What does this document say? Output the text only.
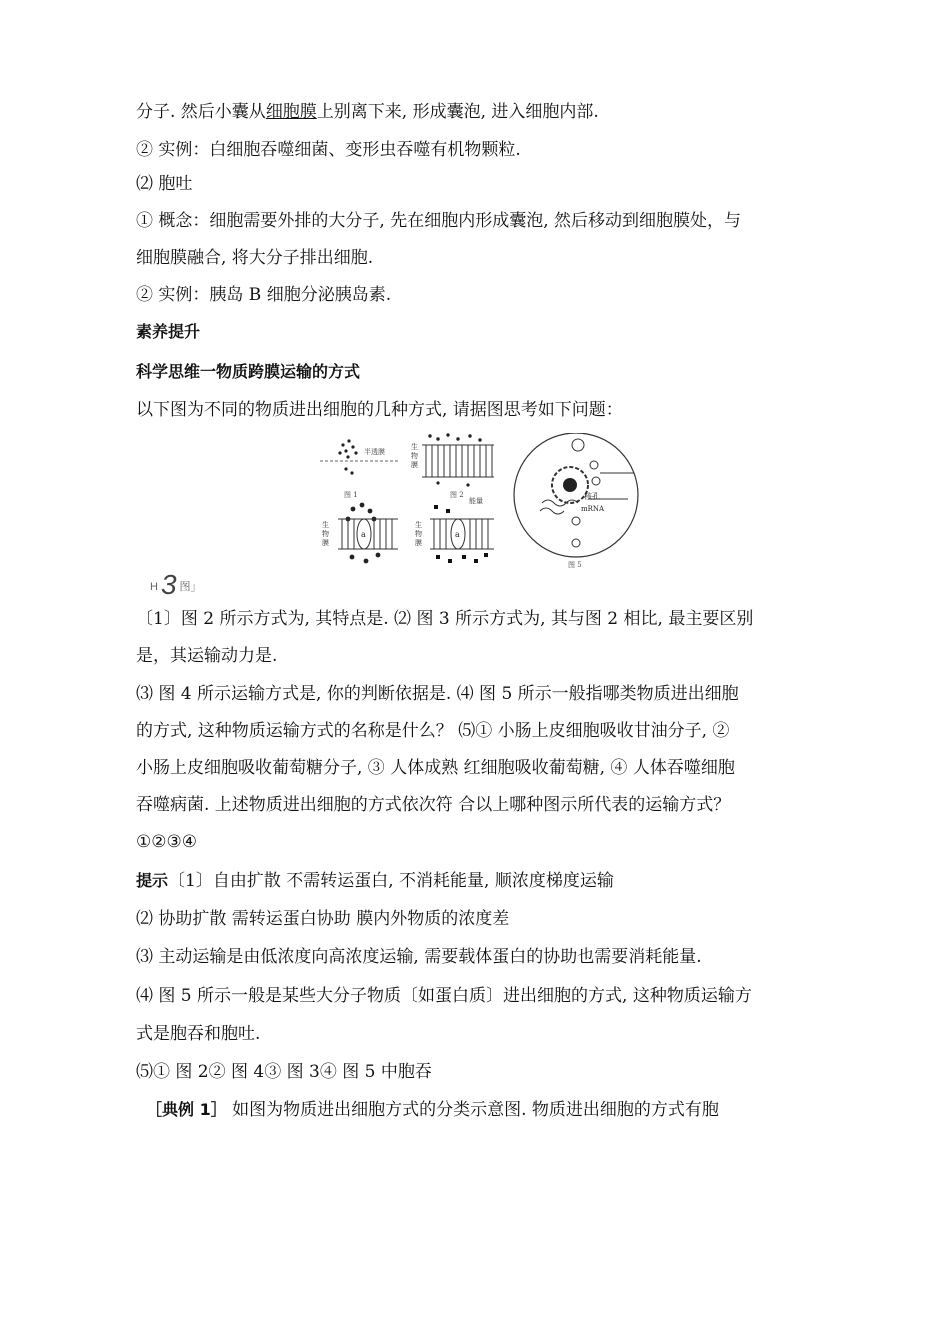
分子. 然后小囊从细胞膜上别离下来, 形成囊泡, 进入细胞内部.
② 实例：白细胞吞噬细菌、变形虫吞噬有机物颗粒.
⑵ 胞吐
① 概念：细胞需要外排的大分子, 先在细胞内形成囊泡, 然后移动到细胞膜处，与
细胞膜融合, 将大分子排出细胞.
② 实例：胰岛 B 细胞分泌胰岛素.
素养提升
科学思维一物质跨膜运输的方式
以下图为不同的物质进出细胞的几种方式, 请据图思考如下问题：
半透膜
图 1
生
物
膜
图 2
a
生
物
膜
a
能量
生
物
膜
核孔
mRNA
图 5
H 3 图」
〔1〕图 2 所示方式为, 其特点是. ⑵ 图 3 所示方式为, 其与图 2 相比, 最主要区别
是，其运输动力是.
⑶ 图 4 所示运输方式是, 你的判断依据是. ⑷ 图 5 所示一般指哪类物质进出细胞
的方式, 这种物质运输方式的名称是什么？ ⑸① 小肠上皮细胞吸收甘油分子, ②
小肠上皮细胞吸收葡萄糖分子, ③ 人体成熟 红细胞吸收葡萄糖, ④ 人体吞噬细胞
吞噬病菌. 上述物质进出细胞的方式依次符 合以上哪种图示所代表的运输方式？
①②③④
提示〔1〕自由扩散 不需转运蛋白, 不消耗能量, 顺浓度梯度运输
⑵ 协助扩散 需转运蛋白协助 膜内外物质的浓度差
⑶ 主动运输是由低浓度向高浓度运输, 需要载体蛋白的协助也需要消耗能量.
⑷ 图 5 所示一般是某些大分子物质〔如蛋白质〕进出细胞的方式, 这种物质运输方
式是胞吞和胞吐.
⑸① 图 2② 图 4③ 图 3④ 图 5 中胞吞
［典例 1］ 如图为物质进出细胞方式的分类示意图. 物质进出细胞的方式有胞
